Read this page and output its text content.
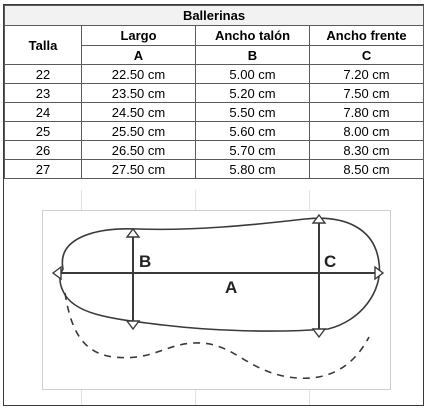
Ballerinas			
Talla	Largo	Ancho talón	Ancho frente
	A	B	C
22	22.50 cm	5.00 cm	7.20 cm
23	23.50 cm	5.20 cm	7.50 cm
24	24.50 cm	5.50 cm	7.80 cm
25	25.50 cm	5.60 cm	8.00 cm
26	26.50 cm	5.70 cm	8.30 cm
27	27.50 cm	5.80 cm	8.50 cm
B	C
A
